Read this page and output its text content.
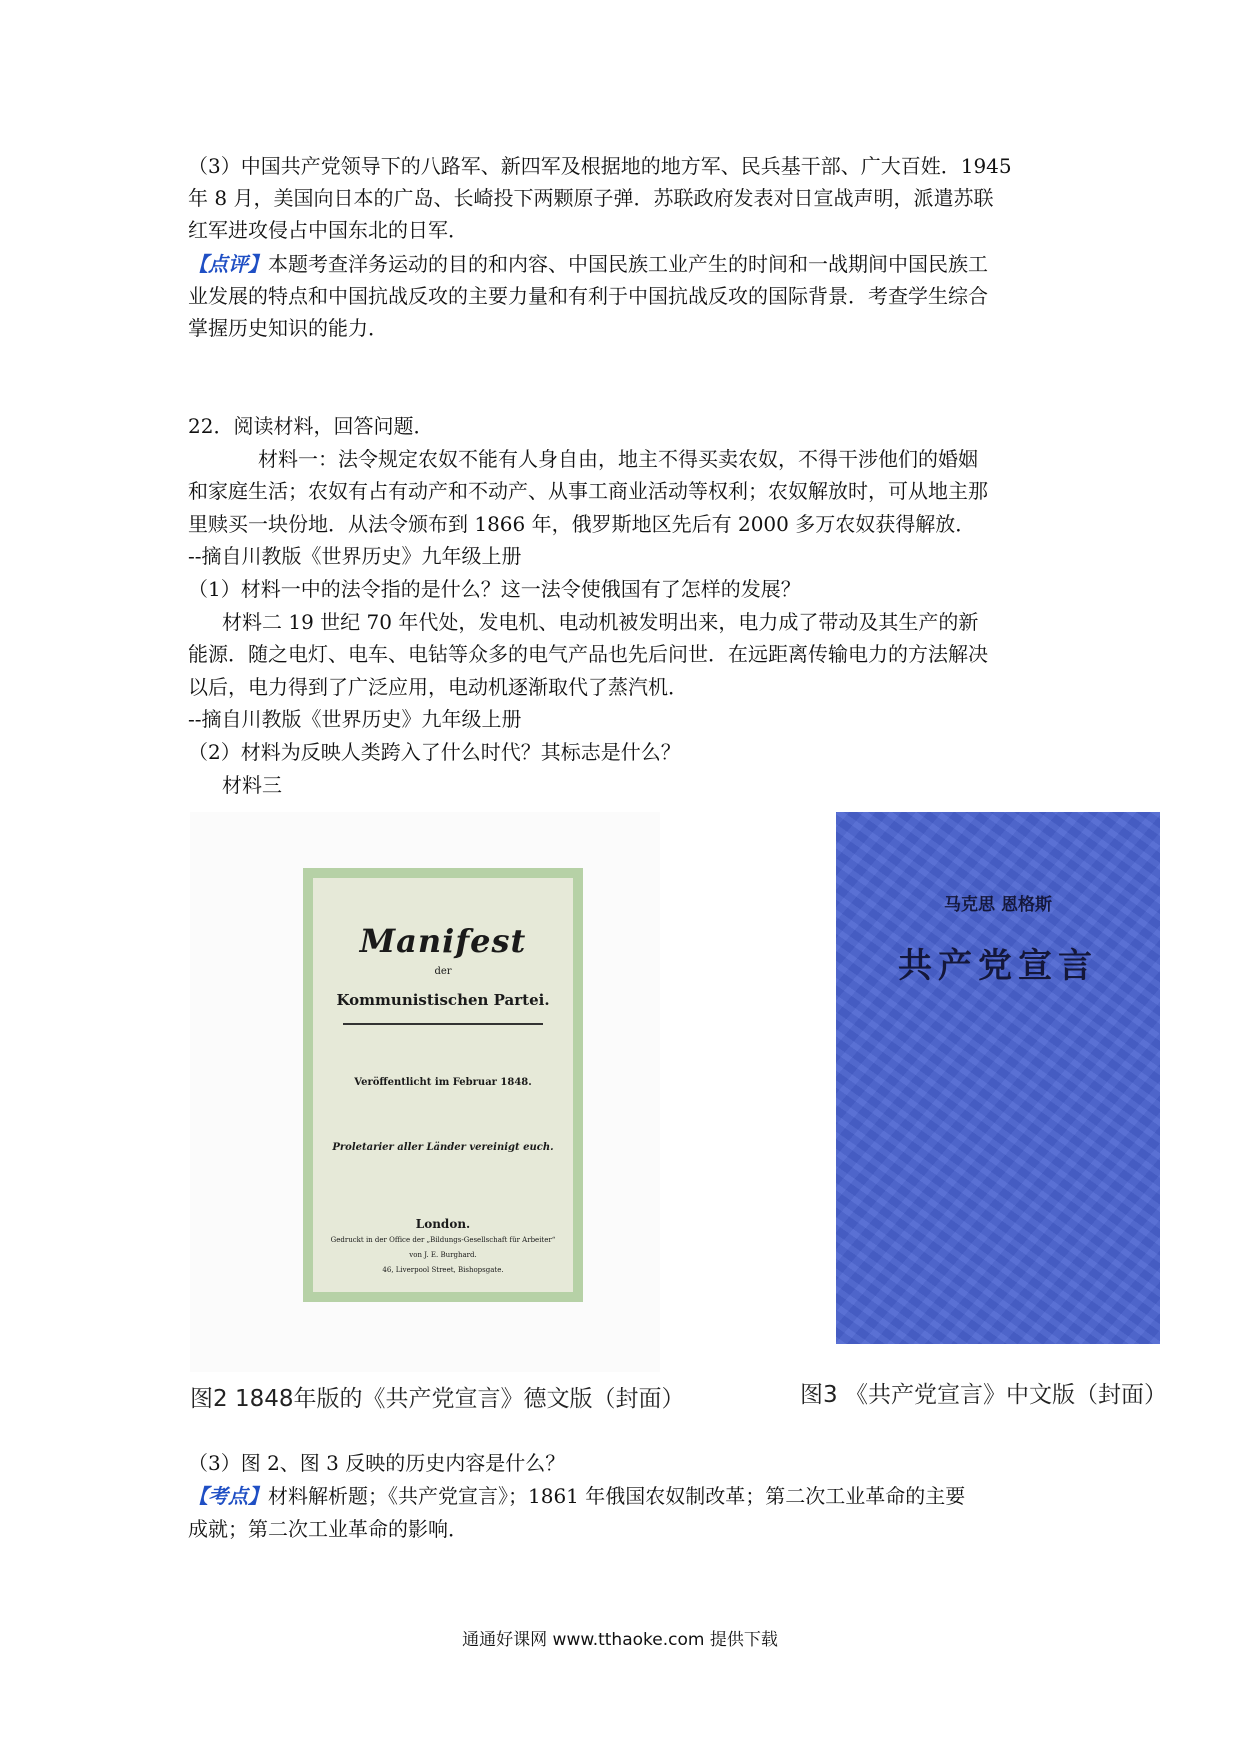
（3）中国共产党领导下的八路军、新四军及根据地的地方军、民兵基干部、广大百姓．1945
年 8 月，美国向日本的广岛、长崎投下两颗原子弹．苏联政府发表对日宣战声明，派遣苏联
红军进攻侵占中国东北的日军．
【点评】本题考查洋务运动的目的和内容、中国民族工业产生的时间和一战期间中国民族工
业发展的特点和中国抗战反攻的主要力量和有利于中国抗战反攻的国际背景．考查学生综合
掌握历史知识的能力．
22．阅读材料，回答问题．
材料一：法令规定农奴不能有人身自由，地主不得买卖农奴，不得干涉他们的婚姻
和家庭生活；农奴有占有动产和不动产、从事工商业活动等权利；农奴解放时，可从地主那
里赎买一块份地．从法令颁布到 1866 年，俄罗斯地区先后有 2000 多万农奴获得解放．
--摘自川教版《世界历史》九年级上册
（1）材料一中的法令指的是什么？这一法令使俄国有了怎样的发展？
材料二 19 世纪 70 年代处，发电机、电动机被发明出来，电力成了带动及其生产的新
能源．随之电灯、电车、电钻等众多的电气产品也先后问世．在远距离传输电力的方法解决
以后，电力得到了广泛应用，电动机逐渐取代了蒸汽机．
--摘自川教版《世界历史》九年级上册
（2）材料为反映人类跨入了什么时代？其标志是什么？
材料三
Manifest
der
Kommunistischen Partei.
Veröffentlicht im Februar 1848.
Proletarier aller Länder vereinigt euch.
London.
Gedruckt in der Office der „Bildungs-Gesellschaft für Arbeiter“
von J. E. Burghard.
46, Liverpool Street, Bishopsgate.
马克思 恩格斯
共产党宣言
图2 1848年版的《共产党宣言》德文版（封面）	图3 《共产党宣言》中文版（封面）
（3）图 2、图 3 反映的历史内容是什么？
【考点】材料解析题；《共产党宣言》；1861 年俄国农奴制改革；第二次工业革命的主要
成就；第二次工业革命的影响．
通通好课网 www.tthaoke.com 提供下载
